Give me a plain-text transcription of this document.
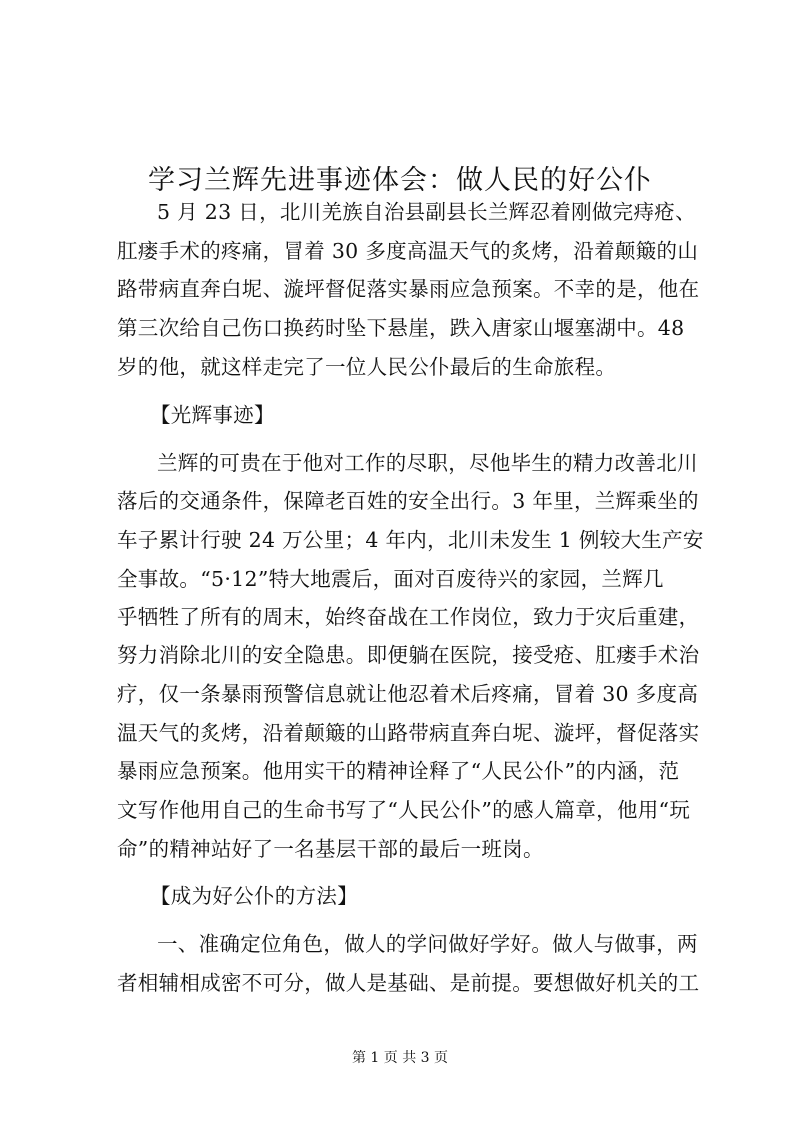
学习兰辉先进事迹体会：做人民的好公仆
5 月 23 日，北川羌族自治县副县长兰辉忍着刚做完痔疮、
肛瘘手术的疼痛，冒着 30 多度高温天气的炙烤，沿着颠簸的山
路带病直奔白坭、漩坪督促落实暴雨应急预案。不幸的是，他在
第三次给自己伤口换药时坠下悬崖，跌入唐家山堰塞湖中。48
岁的他，就这样走完了一位人民公仆最后的生命旅程。
【光辉事迹】
兰辉的可贵在于他对工作的尽职，尽他毕生的精力改善北川
落后的交通条件，保障老百姓的安全出行。3 年里，兰辉乘坐的
车子累计行驶 24 万公里；4 年内，北川未发生 1 例较大生产安
全事故。“5·12”特大地震后，面对百废待兴的家园，兰辉几
乎牺牲了所有的周末，始终奋战在工作岗位，致力于灾后重建，
努力消除北川的安全隐患。即便躺在医院，接受疮、肛瘘手术治
疗，仅一条暴雨预警信息就让他忍着术后疼痛，冒着 30 多度高
温天气的炙烤，沿着颠簸的山路带病直奔白坭、漩坪，督促落实
暴雨应急预案。他用实干的精神诠释了“人民公仆”的内涵，范
文写作他用自己的生命书写了“人民公仆”的感人篇章，他用“玩
命”的精神站好了一名基层干部的最后一班岗。
【成为好公仆的方法】
一、准确定位角色，做人的学问做好学好。做人与做事，两
者相辅相成密不可分，做人是基础、是前提。要想做好机关的工
第 1 页 共 3 页
